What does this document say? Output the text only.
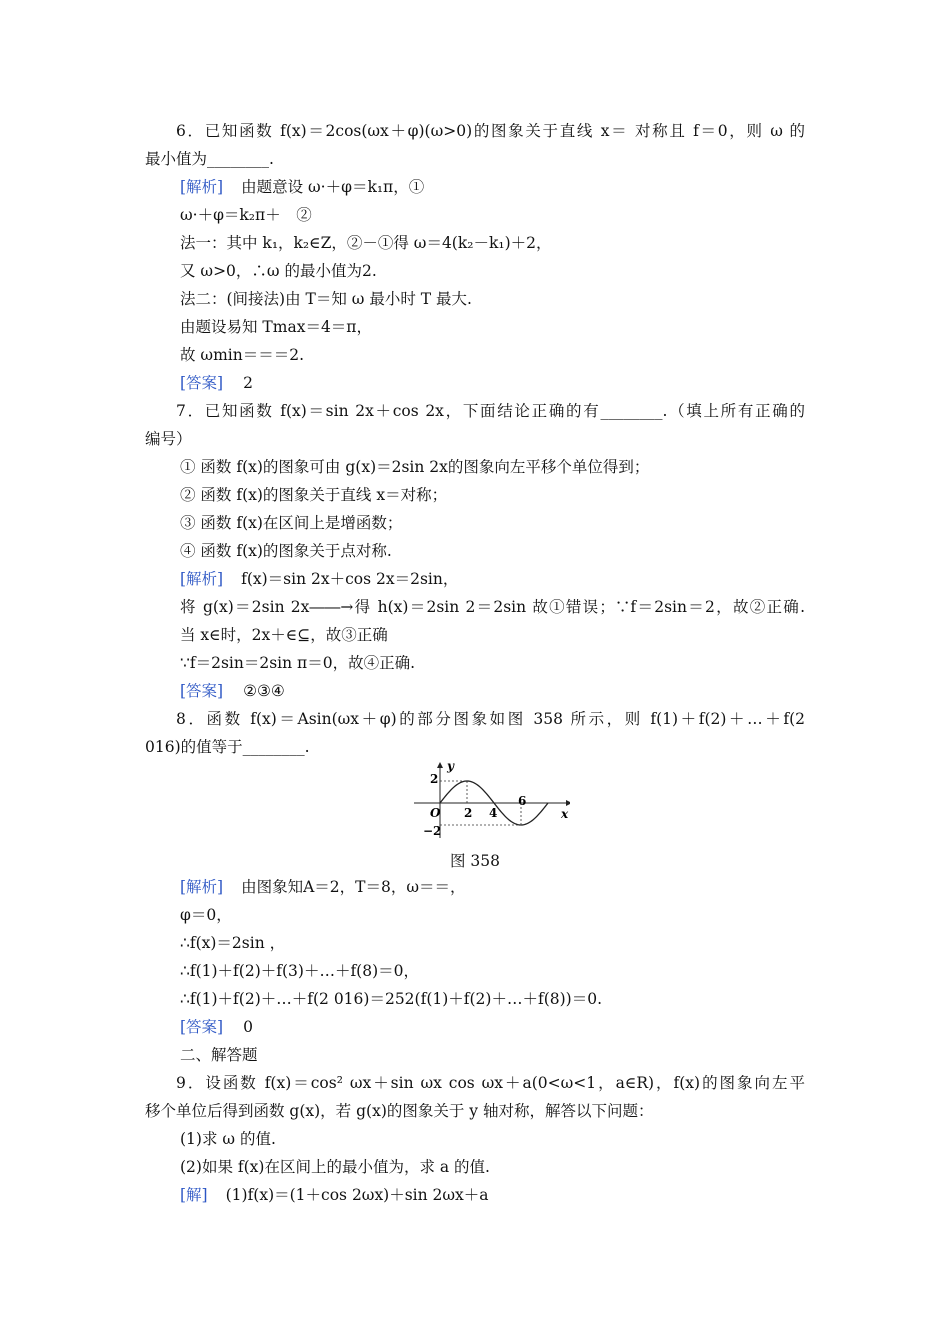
6．已知函数 f(x)＝2cos(ωx＋φ)(ω>0)的图象关于直线 x＝ 对称且 f＝0，则 ω 的
最小值为________.
[解析] 由题意设 ω·＋φ＝k₁π，①
ω·＋φ＝k₂π＋　②
法一：其中 k₁，k₂∈Z，②－①得 ω＝4(k₂－k₁)＋2，
又 ω>0，∴ω 的最小值为2.
法二：(间接法)由 T＝知 ω 最小时 T 最大.
由题设易知 Tmax＝4＝π，
故 ωmin＝＝＝2.
[答案] 2
7．已知函数 f(x)＝sin 2x＋cos 2x，下面结论正确的有________.（填上所有正确的
编号）
① 函数 f(x)的图象可由 g(x)＝2sin 2x的图象向左平移个单位得到；
② 函数 f(x)的图象关于直线 x＝对称；
③ 函数 f(x)在区间上是增函数；
④ 函数 f(x)的图象关于点对称.
[解析] f(x)＝sin 2x＋cos 2x＝2sin，
将 g(x)＝2sin 2x――→得 h(x)＝2sin 2＝2sin 故①错误；∵f＝2sin＝2，故②正确.
当 x∈时，2x＋∈⊆，故③正确
∵f＝2sin＝2sin π＝0，故④正确.
[答案] ②③④
8．函数 f(x)＝Asin(ωx＋φ)的部分图象如图 358 所示，则 f(1)＋f(2)＋…＋f(2
016)的值等于________.
y
x
O
2
−2
2 4
6
图 358
[解析] 由图象知A＝2，T＝8，ω＝＝，
φ＝0，
∴f(x)＝2sin ，
∴f(1)＋f(2)＋f(3)＋…＋f(8)＝0，
∴f(1)＋f(2)＋…＋f(2 016)＝252(f(1)＋f(2)＋…＋f(8))＝0.
[答案] 0
二、解答题
9．设函数 f(x)＝cos² ωx＋sin ωx cos ωx＋a(0<ω<1，a∈R)，f(x)的图象向左平
移个单位后得到函数 g(x)，若 g(x)的图象关于 y 轴对称，解答以下问题：
(1)求 ω 的值.
(2)如果 f(x)在区间上的最小值为，求 a 的值.
[解] (1)f(x)＝(1＋cos 2ωx)＋sin 2ωx＋a
